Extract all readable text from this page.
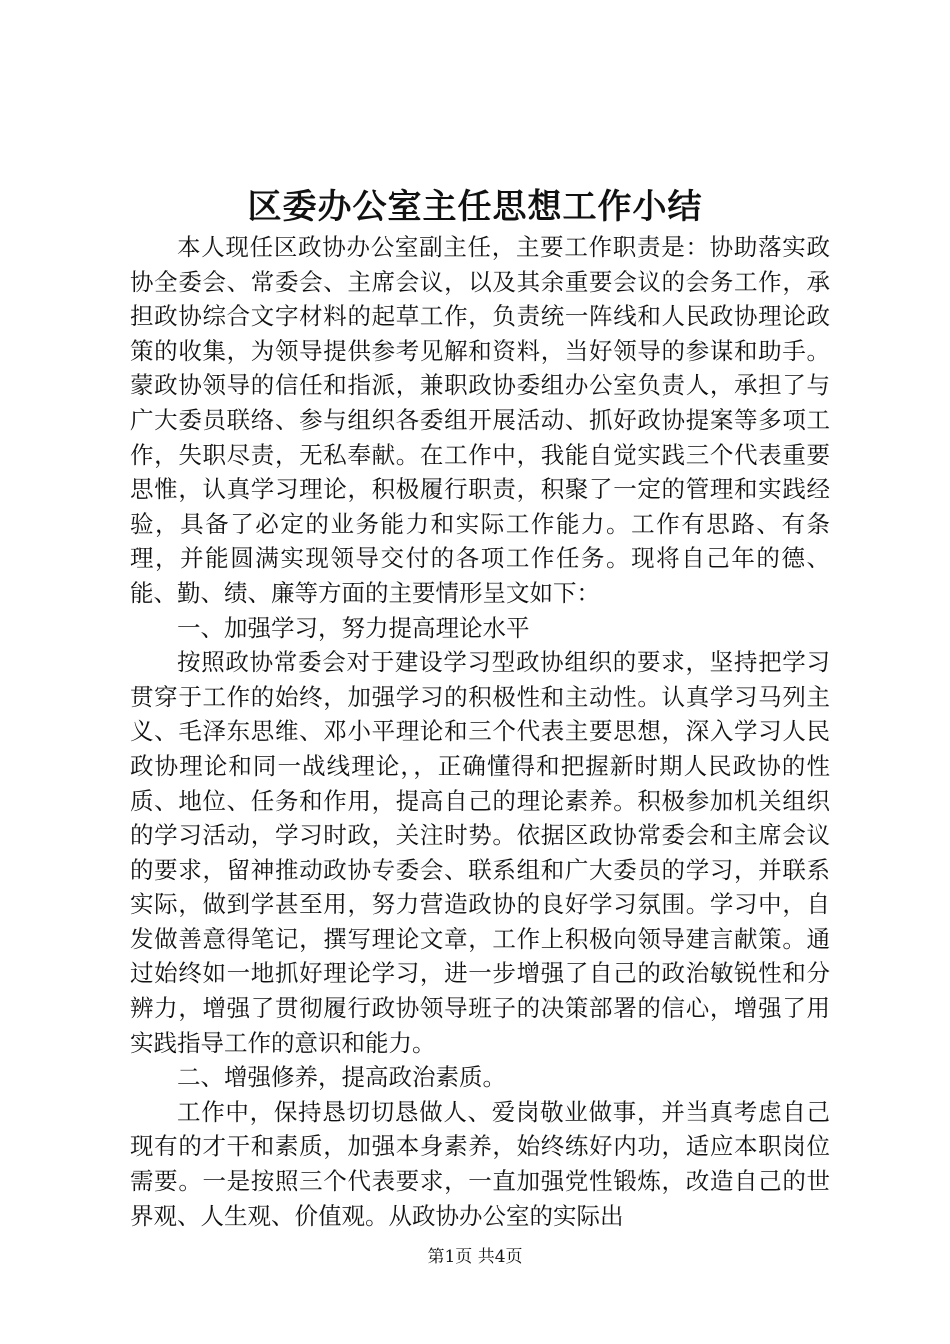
区委办公室主任思想工作小结

本人现任区政协办公室副主任，主要工作职责是：协助落实政协全委会、常委会、主席会议，以及其余重要会议的会务工作，承担政协综合文字材料的起草工作，负责统一阵线和人民政协理论政策的收集，为领导提供参考见解和资料，当好领导的参谋和助手。蒙政协领导的信任和指派，兼职政协委组办公室负责人，承担了与广大委员联络、参与组织各委组开展活动、抓好政协提案等多项工作，失职尽责，无私奉献。在工作中，我能自觉实践三个代表重要思惟，认真学习理论，积极履行职责，积聚了一定的管理和实践经验，具备了必定的业务能力和实际工作能力。工作有思路、有条理，并能圆满实现领导交付的各项工作任务。现将自己年的德、能、勤、绩、廉等方面的主要情形呈文如下：

一、加强学习，努力提高理论水平

按照政协常委会对于建设学习型政协组织的要求，坚持把学习贯穿于工作的始终，加强学习的积极性和主动性。认真学习马列主义、毛泽东思维、邓小平理论和三个代表主要思想，深入学习人民政协理论和同一战线理论，，正确懂得和把握新时期人民政协的性质、地位、任务和作用，提高自己的理论素养。积极参加机关组织的学习活动，学习时政，关注时势。依据区政协常委会和主席会议的要求，留神推动政协专委会、联系组和广大委员的学习，并联系实际，做到学甚至用，努力营造政协的良好学习氛围。学习中，自发做善意得笔记，撰写理论文章，工作上积极向领导建言献策。通过始终如一地抓好理论学习，进一步增强了自己的政治敏锐性和分辨力，增强了贯彻履行政协领导班子的决策部署的信心，增强了用实践指导工作的意识和能力。

二、增强修养，提高政治素质。

工作中，保持恳切切恳做人、爱岗敬业做事，并当真考虑自己现有的才干和素质，加强本身素养，始终练好内功，适应本职岗位需要。一是按照三个代表要求，一直加强党性锻炼，改造自己的世界观、人生观、价值观。从政协办公室的实际出

第1页 共4页
